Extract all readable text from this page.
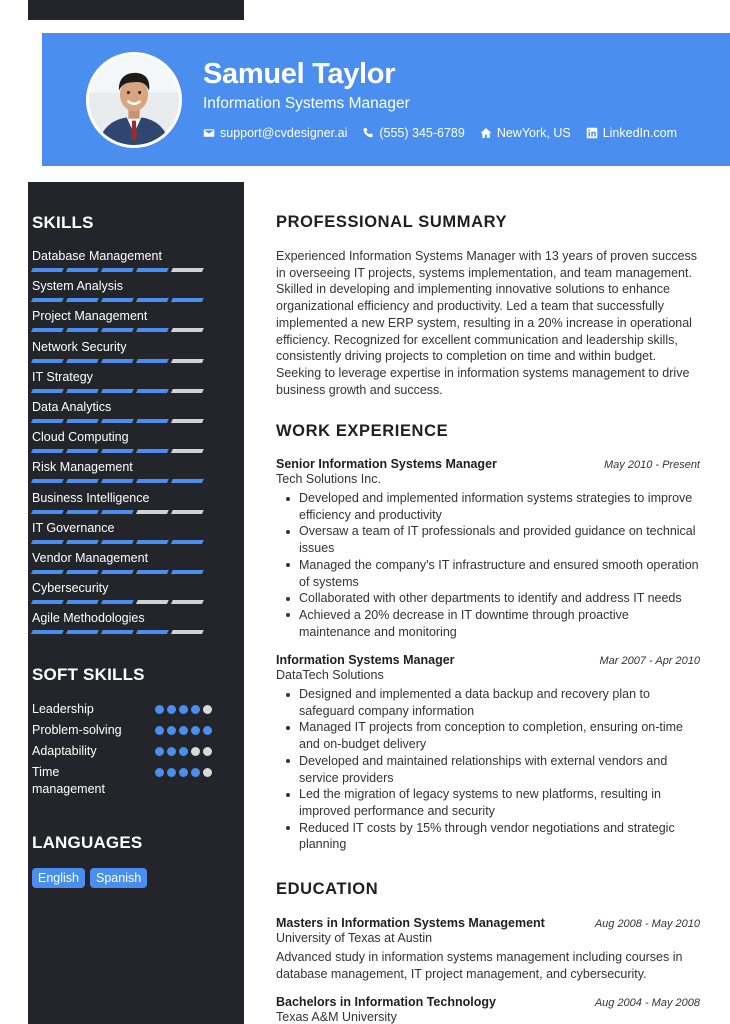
Samuel Taylor
Information Systems Manager
support@cvdesigner.ai	(555) 345-6789	NewYork, US	LinkedIn.com
SKILLS
Database Management
System Analysis
Project Management
Network Security
IT Strategy
Data Analytics
Cloud Computing
Risk Management
Business Intelligence
IT Governance
Vendor Management
Cybersecurity
Agile Methodologies
SOFT SKILLS
Leadership
Problem-solving
Adaptability
Time management
LANGUAGES
English	Spanish
PROFESSIONAL SUMMARY
Experienced Information Systems Manager with 13 years of proven success in overseeing IT projects, systems implementation, and team management. Skilled in developing and implementing innovative solutions to enhance organizational efficiency and productivity. Led a team that successfully implemented a new ERP system, resulting in a 20% increase in operational efficiency. Recognized for excellent communication and leadership skills, consistently driving projects to completion on time and within budget. Seeking to leverage expertise in information systems management to drive business growth and success.
WORK EXPERIENCE
Senior Information Systems Manager	May 2010 - Present
Tech Solutions Inc.
Developed and implemented information systems strategies to improve efficiency and productivity
Oversaw a team of IT professionals and provided guidance on technical issues
Managed the company's IT infrastructure and ensured smooth operation of systems
Collaborated with other departments to identify and address IT needs
Achieved a 20% decrease in IT downtime through proactive maintenance and monitoring
Information Systems Manager	Mar 2007 - Apr 2010
DataTech Solutions
Designed and implemented a data backup and recovery plan to safeguard company information
Managed IT projects from conception to completion, ensuring on-time and on-budget delivery
Developed and maintained relationships with external vendors and service providers
Led the migration of legacy systems to new platforms, resulting in improved performance and security
Reduced IT costs by 15% through vendor negotiations and strategic planning
EDUCATION
Masters in Information Systems Management	Aug 2008 - May 2010
University of Texas at Austin
Advanced study in information systems management including courses in database management, IT project management, and cybersecurity.
Bachelors in Information Technology	Aug 2004 - May 2008
Texas A&M University
